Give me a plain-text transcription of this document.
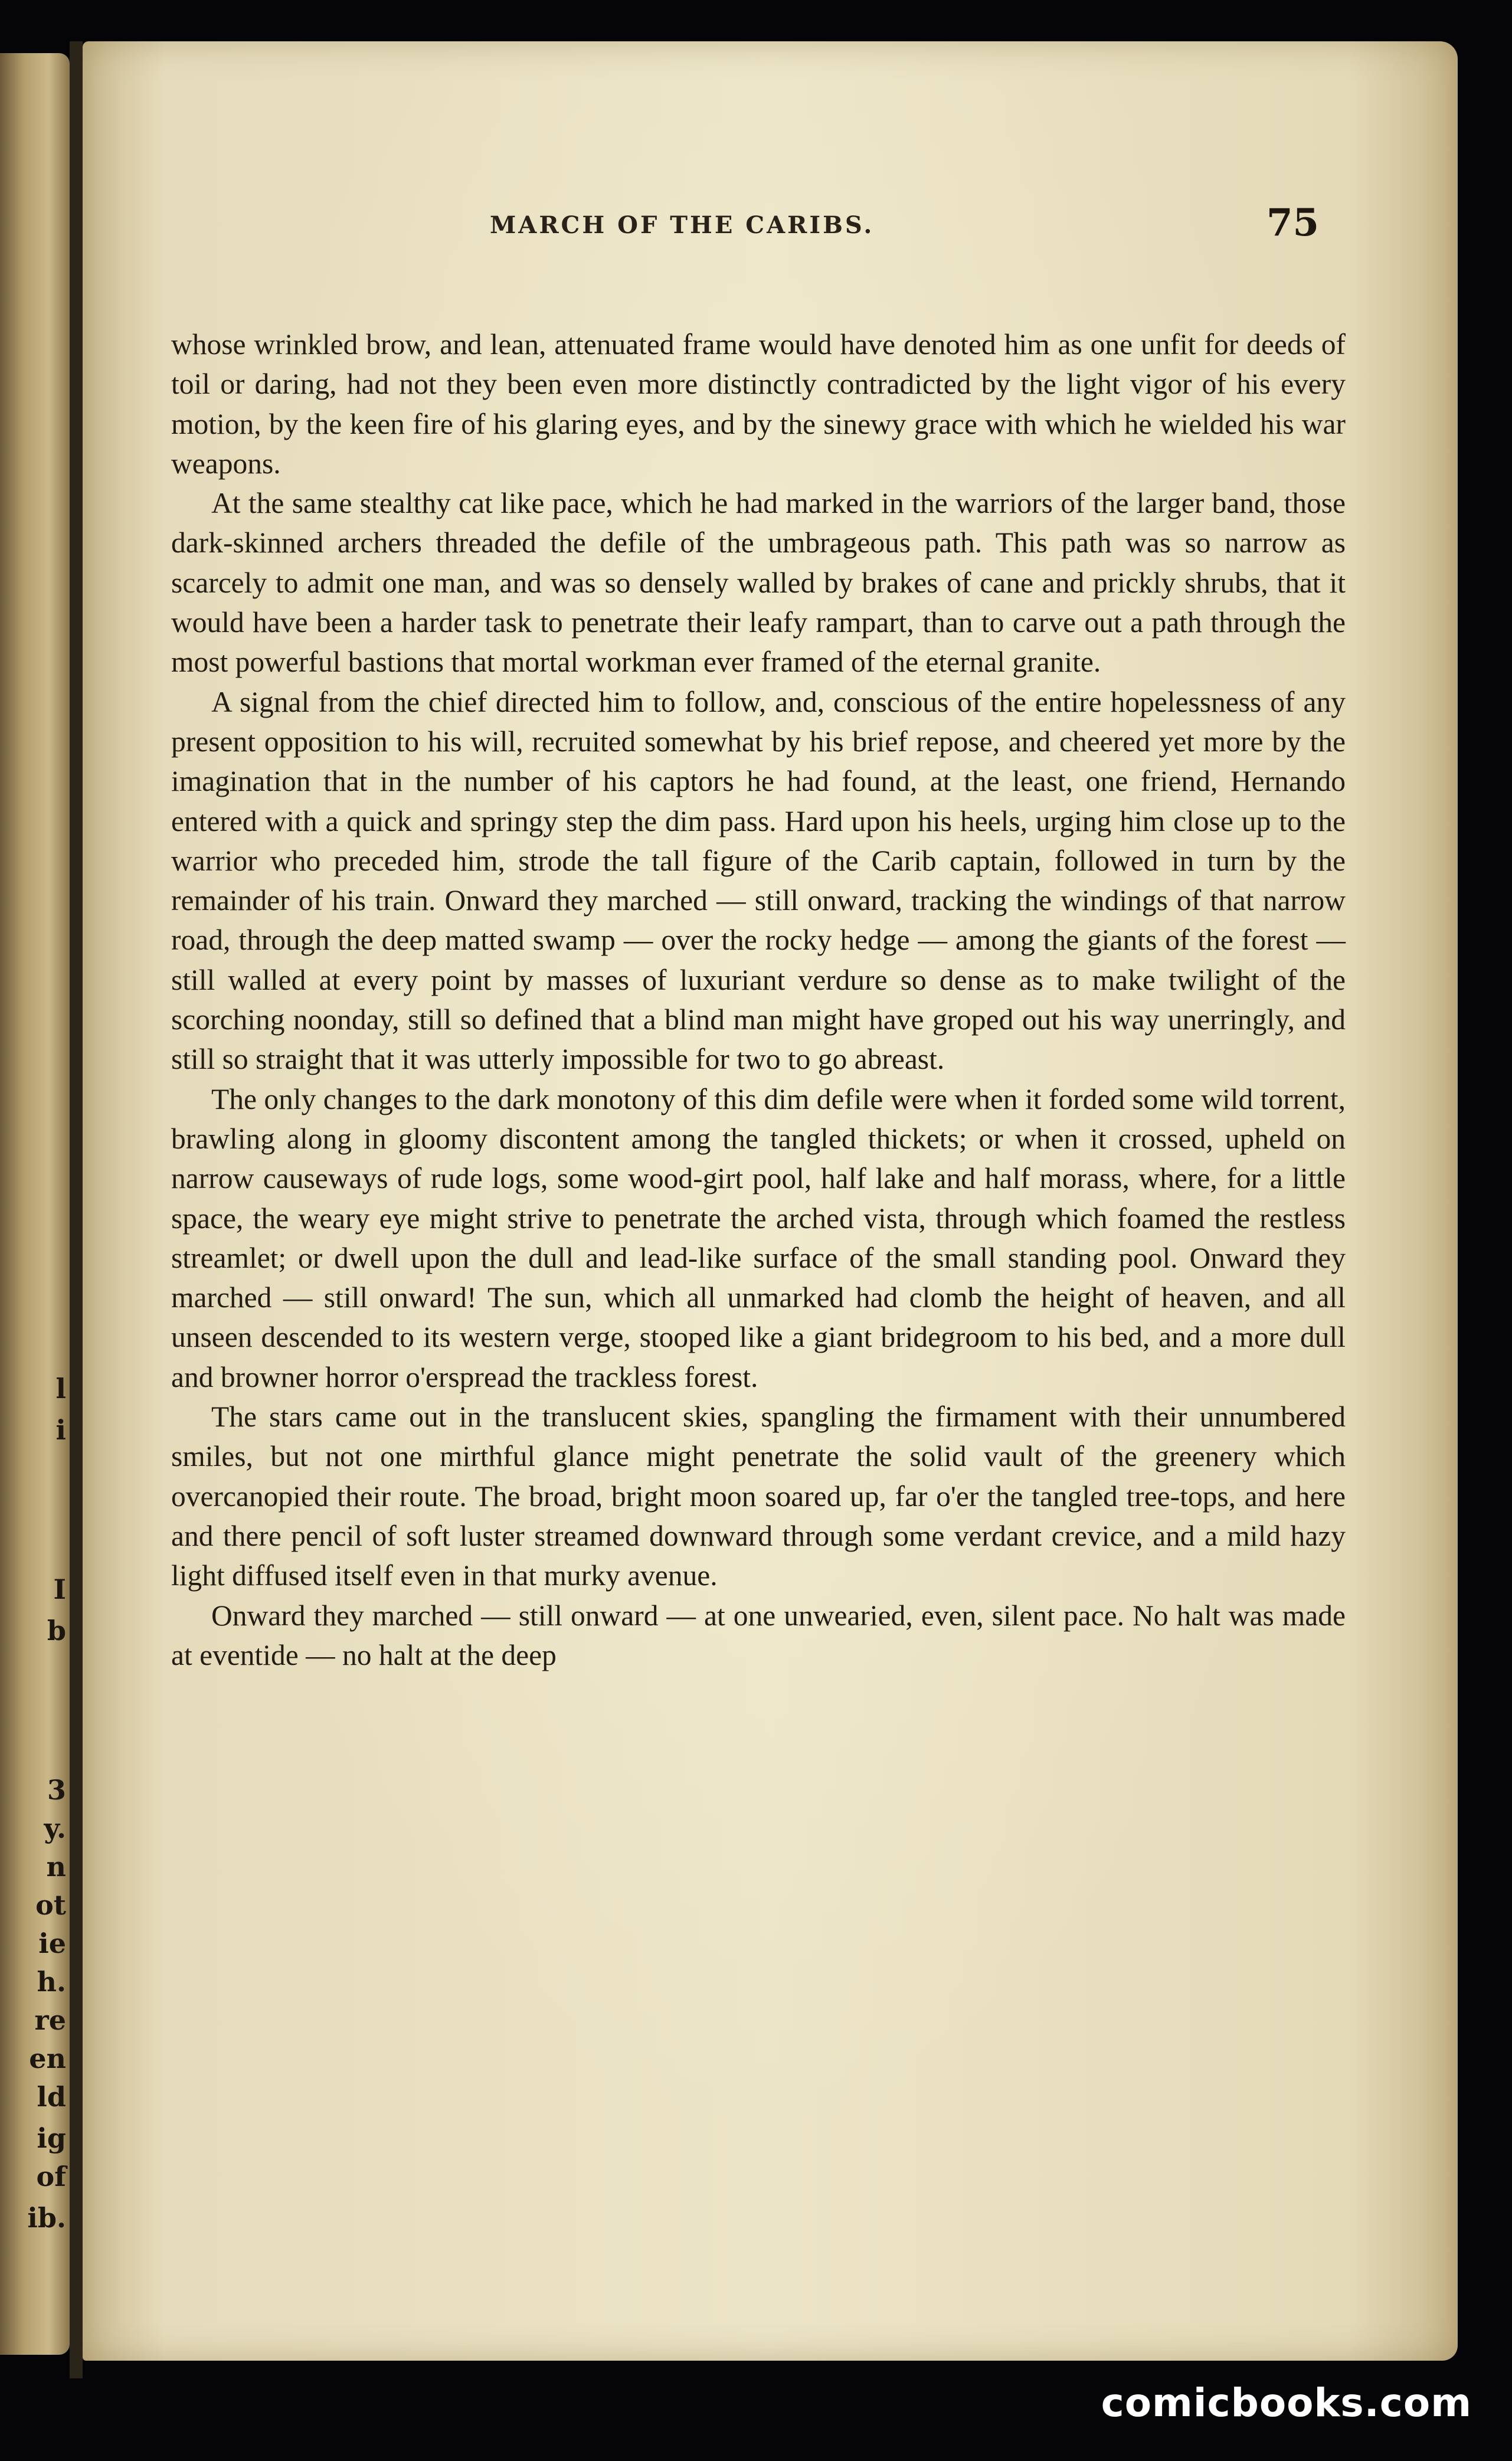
l
i
I
b
3
y.
n
ot
ie
h.
re
en
ld
ig
of
ib.
MARCH OF THE CARIBS.	75

whose wrinkled brow, and lean, attenuated frame would have denoted him as one unfit for deeds of toil or daring, had not they been even more distinctly contradicted by the light vigor of his every motion, by the keen fire of his glaring eyes, and by the sinewy grace with which he wielded his war weapons.

At the same stealthy cat like pace, which he had marked in the warriors of the larger band, those dark-skinned archers threaded the defile of the umbrageous path. This path was so narrow as scarcely to admit one man, and was so densely walled by brakes of cane and prickly shrubs, that it would have been a harder task to penetrate their leafy rampart, than to carve out a path through the most powerful bastions that mortal workman ever framed of the eternal granite.

A signal from the chief directed him to follow, and, conscious of the entire hopelessness of any present opposition to his will, recruited somewhat by his brief repose, and cheered yet more by the imagination that in the number of his captors he had found, at the least, one friend, Hernando entered with a quick and springy step the dim pass. Hard upon his heels, urging him close up to the warrior who preceded him, strode the tall figure of the Carib captain, followed in turn by the remainder of his train. Onward they marched — still onward, tracking the windings of that narrow road, through the deep matted swamp — over the rocky hedge — among the giants of the forest — still walled at every point by masses of luxuriant verdure so dense as to make twilight of the scorching noonday, still so defined that a blind man might have groped out his way unerringly, and still so straight that it was utterly impossible for two to go abreast.

The only changes to the dark monotony of this dim defile were when it forded some wild torrent, brawling along in gloomy discontent among the tangled thickets; or when it crossed, upheld on narrow causeways of rude logs, some wood-girt pool, half lake and half morass, where, for a little space, the weary eye might strive to penetrate the arched vista, through which foamed the restless streamlet; or dwell upon the dull and lead-like surface of the small standing pool. Onward they marched — still onward! The sun, which all unmarked had clomb the height of heaven, and all unseen descended to its western verge, stooped like a giant bridegroom to his bed, and a more dull and browner horror o'erspread the trackless forest.

The stars came out in the translucent skies, spangling the firmament with their unnumbered smiles, but not one mirthful glance might penetrate the solid vault of the greenery which overcanopied their route. The broad, bright moon soared up, far o'er the tangled tree-tops, and here and there pencil of soft luster streamed downward through some verdant crevice, and a mild hazy light diffused itself even in that murky avenue.

Onward they marched — still onward — at one unwearied, even, silent pace. No halt was made at eventide — no halt at the deep

comicbooks.com
